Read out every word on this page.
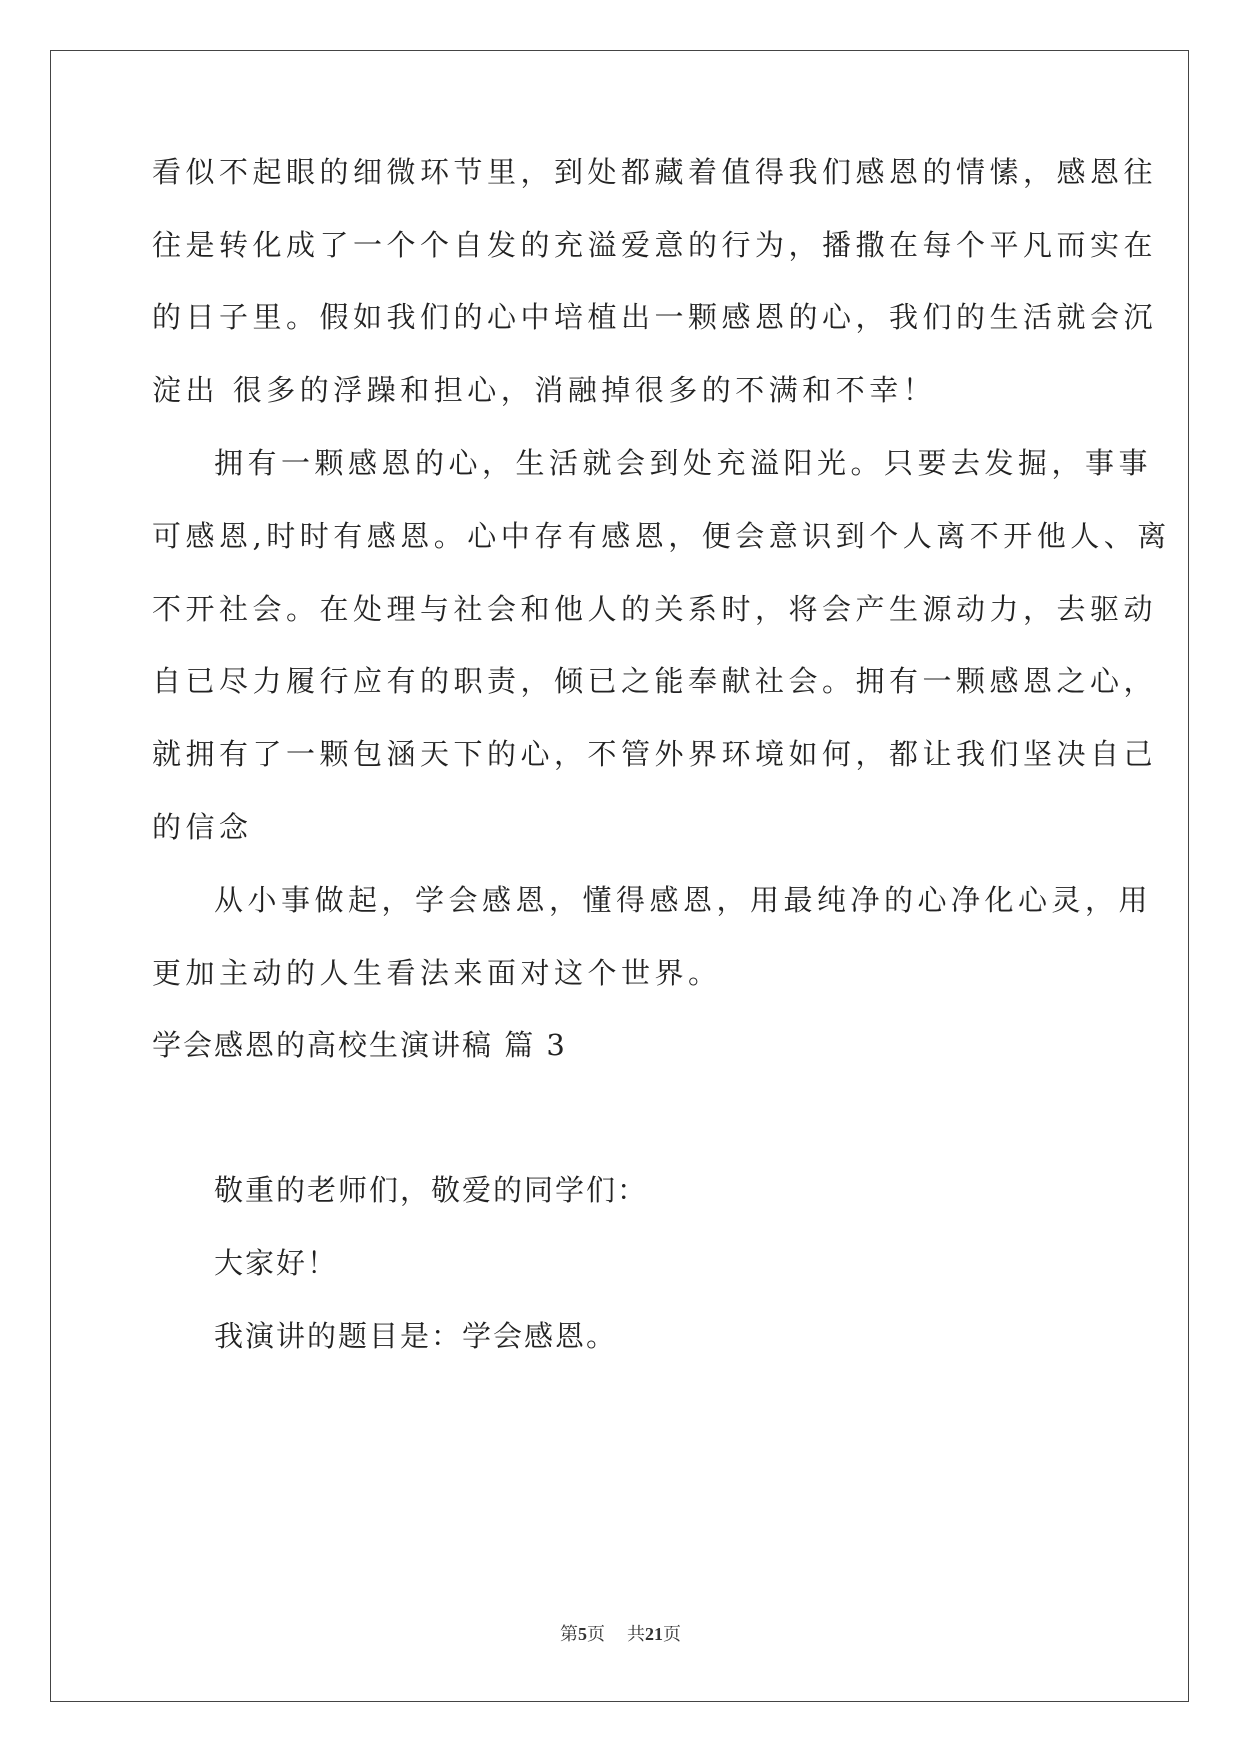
看似不起眼的细微环节里，到处都藏着值得我们感恩的情愫，感恩往
往是转化成了一个个自发的充溢爱意的行为，播撒在每个平凡而实在
的日子里。假如我们的心中培植出一颗感恩的心，我们的生活就会沉
淀出 很多的浮躁和担心，消融掉很多的不满和不幸！
拥有一颗感恩的心，生活就会到处充溢阳光。只要去发掘，事事
可感恩,时时有感恩。心中存有感恩，便会意识到个人离不开他人、离
不开社会。在处理与社会和他人的关系时，将会产生源动力，去驱动
自已尽力履行应有的职责，倾已之能奉献社会。拥有一颗感恩之心，
就拥有了一颗包涵天下的心，不管外界环境如何，都让我们坚决自己
的信念
从小事做起，学会感恩，懂得感恩，用最纯净的心净化心灵，用
更加主动的人生看法来面对这个世界。
学会感恩的高校生演讲稿 篇 3
敬重的老师们，敬爱的同学们：
大家好！
我演讲的题目是：学会感恩。
第5页 共21页
